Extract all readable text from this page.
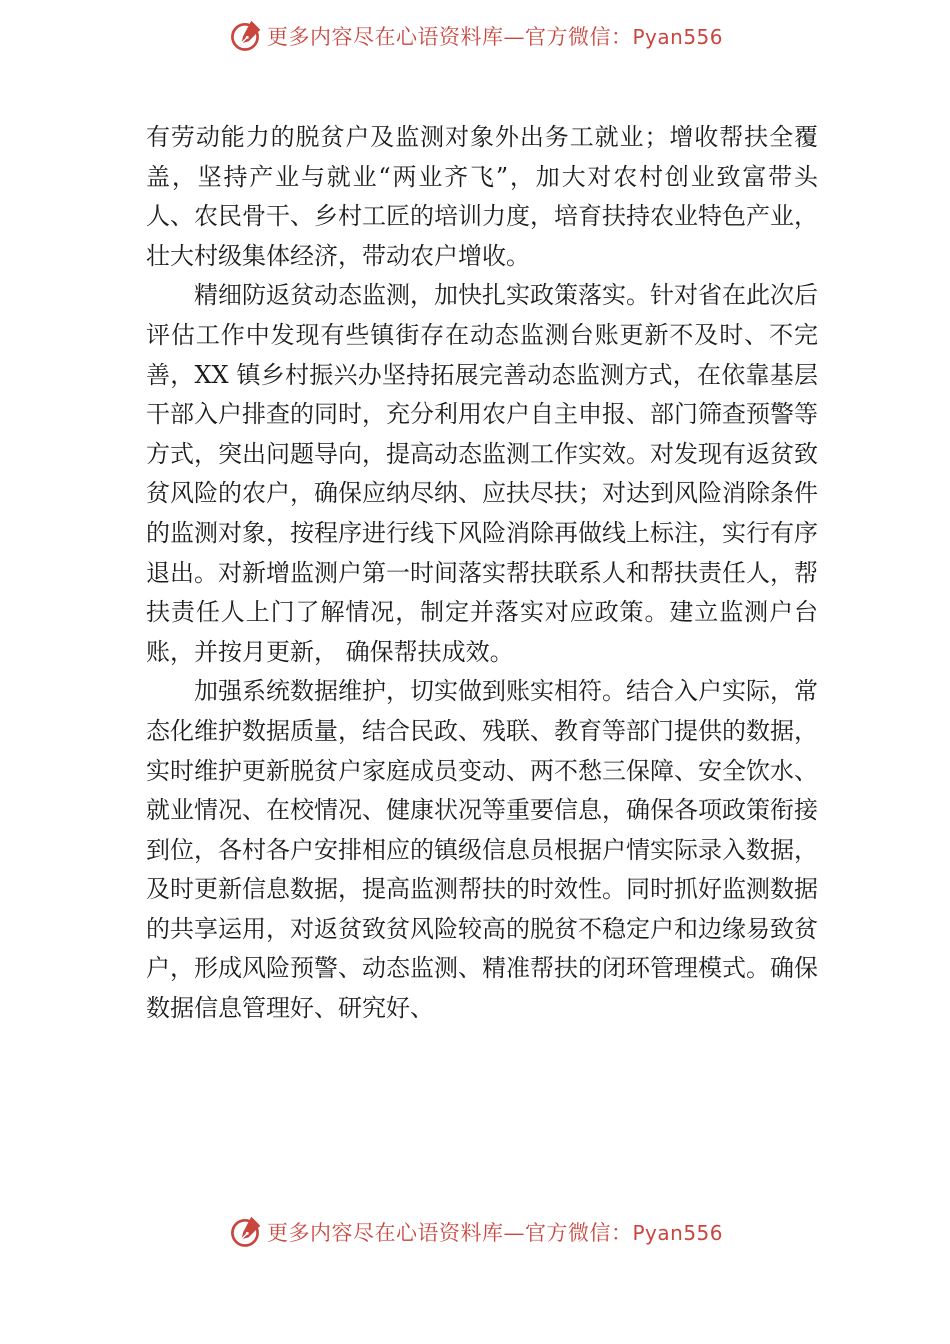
更多内容尽在心语资料库—官方微信：Pyan556

有劳动能力的脱贫户及监测对象外出务工就业；增收帮扶全覆盖，坚持产业与就业“两业齐飞”，加大对农村创业致富带头人、农民骨干、乡村工匠的培训力度，培育扶持农业特色产业，壮大村级集体经济，带动农户增收。

精细防返贫动态监测，加快扎实政策落实。针对省在此次后评估工作中发现有些镇街存在动态监测台账更新不及时、不完善，XX 镇乡村振兴办坚持拓展完善动态监测方式，在依靠基层干部入户排查的同时，充分利用农户自主申报、部门筛查预警等方式，突出问题导向，提高动态监测工作实效。对发现有返贫致贫风险的农户，确保应纳尽纳、应扶尽扶；对达到风险消除条件的监测对象，按程序进行线下风险消除再做线上标注，实行有序退出。对新增监测户第一时间落实帮扶联系人和帮扶责任人，帮扶责任人上门了解情况，制定并落实对应政策。建立监测户台账，并按月更新， 确保帮扶成效。

加强系统数据维护，切实做到账实相符。结合入户实际，常态化维护数据质量，结合民政、残联、教育等部门提供的数据，实时维护更新脱贫户家庭成员变动、两不愁三保障、安全饮水、就业情况、在校情况、健康状况等重要信息，确保各项政策衔接到位，各村各户安排相应的镇级信息员根据户情实际录入数据，及时更新信息数据，提高监测帮扶的时效性。同时抓好监测数据的共享运用，对返贫致贫风险较高的脱贫不稳定户和边缘易致贫户，形成风险预警、动态监测、精准帮扶的闭环管理模式。确保数据信息管理好、研究好、

更多内容尽在心语资料库—官方微信：Pyan556
